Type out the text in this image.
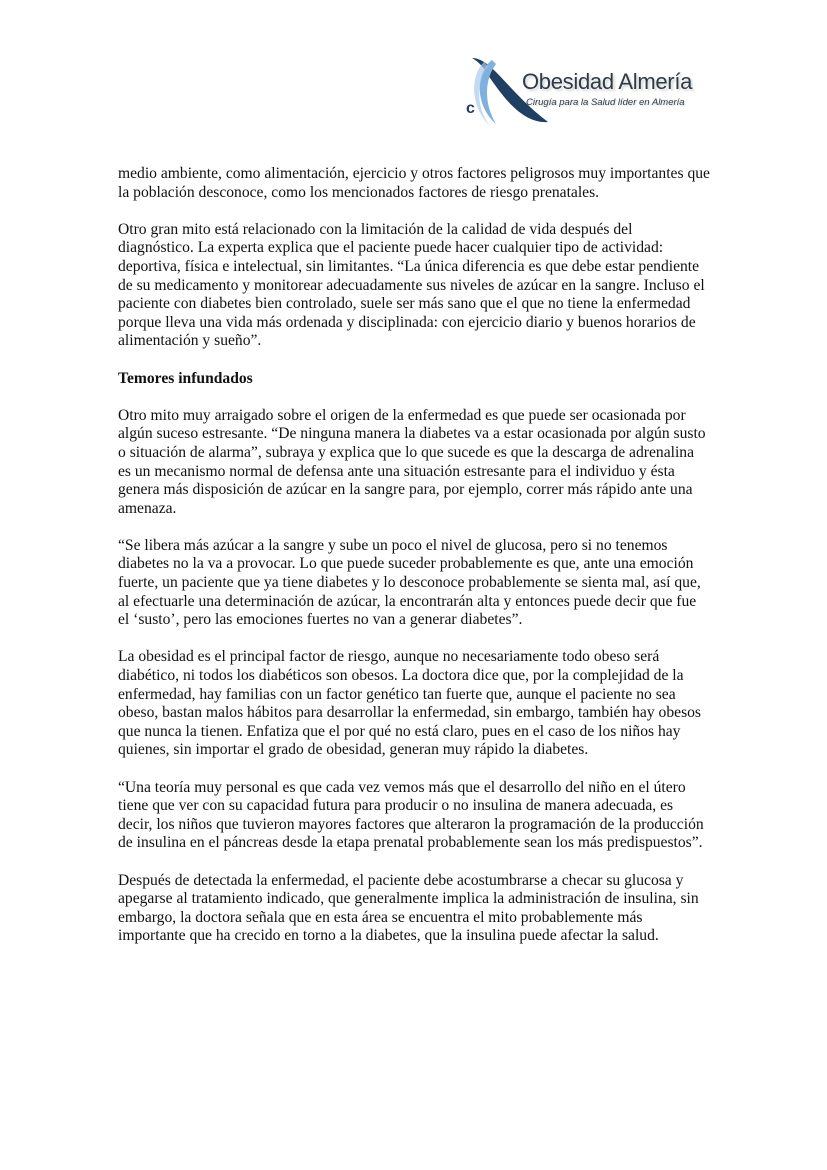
c
Obesidad Almería
Cirugía para la Salud líder en Almería

medio ambiente, como alimentación, ejercicio y otros factores peligrosos muy importantes que la población desconoce, como los mencionados factores de riesgo prenatales.

Otro gran mito está relacionado con la limitación de la calidad de vida después del diagnóstico. La experta explica que el paciente puede hacer cualquier tipo de actividad: deportiva, física e intelectual, sin limitantes. “La única diferencia es que debe estar pendiente de su medicamento y monitorear adecuadamente sus niveles de azúcar en la sangre. Incluso el paciente con diabetes bien controlado, suele ser más sano que el que no tiene la enfermedad porque lleva una vida más ordenada y disciplinada: con ejercicio diario y buenos horarios de alimentación y sueño”.

Temores infundados

Otro mito muy arraigado sobre el origen de la enfermedad es que puede ser ocasionada por algún suceso estresante. “De ninguna manera la diabetes va a estar ocasionada por algún susto o situación de alarma”, subraya y explica que lo que sucede es que la descarga de adrenalina es un mecanismo normal de defensa ante una situación estresante para el individuo y ésta genera más disposición de azúcar en la sangre para, por ejemplo, correr más rápido ante una amenaza.

“Se libera más azúcar a la sangre y sube un poco el nivel de glucosa, pero si no tenemos diabetes no la va a provocar. Lo que puede suceder probablemente es que, ante una emoción fuerte, un paciente que ya tiene diabetes y lo desconoce probablemente se sienta mal, así que, al efectuarle una determinación de azúcar, la encontrarán alta y entonces puede decir que fue el ‘susto’, pero las emociones fuertes no van a generar diabetes”.

La obesidad es el principal factor de riesgo, aunque no necesariamente todo obeso será diabético, ni todos los diabéticos son obesos. La doctora dice que, por la complejidad de la enfermedad, hay familias con un factor genético tan fuerte que, aunque el paciente no sea obeso, bastan malos hábitos para desarrollar la enfermedad, sin embargo, también hay obesos que nunca la tienen. Enfatiza que el por qué no está claro, pues en el caso de los niños hay quienes, sin importar el grado de obesidad, generan muy rápido la diabetes.

“Una teoría muy personal es que cada vez vemos más que el desarrollo del niño en el útero tiene que ver con su capacidad futura para producir o no insulina de manera adecuada, es decir, los niños que tuvieron mayores factores que alteraron la programación de la producción de insulina en el páncreas desde la etapa prenatal probablemente sean los más predispuestos”.

Después de detectada la enfermedad, el paciente debe acostumbrarse a checar su glucosa y apegarse al tratamiento indicado, que generalmente implica la administración de insulina, sin embargo, la doctora señala que en esta área se encuentra el mito probablemente más importante que ha crecido en torno a la diabetes, que la insulina puede afectar la salud.
